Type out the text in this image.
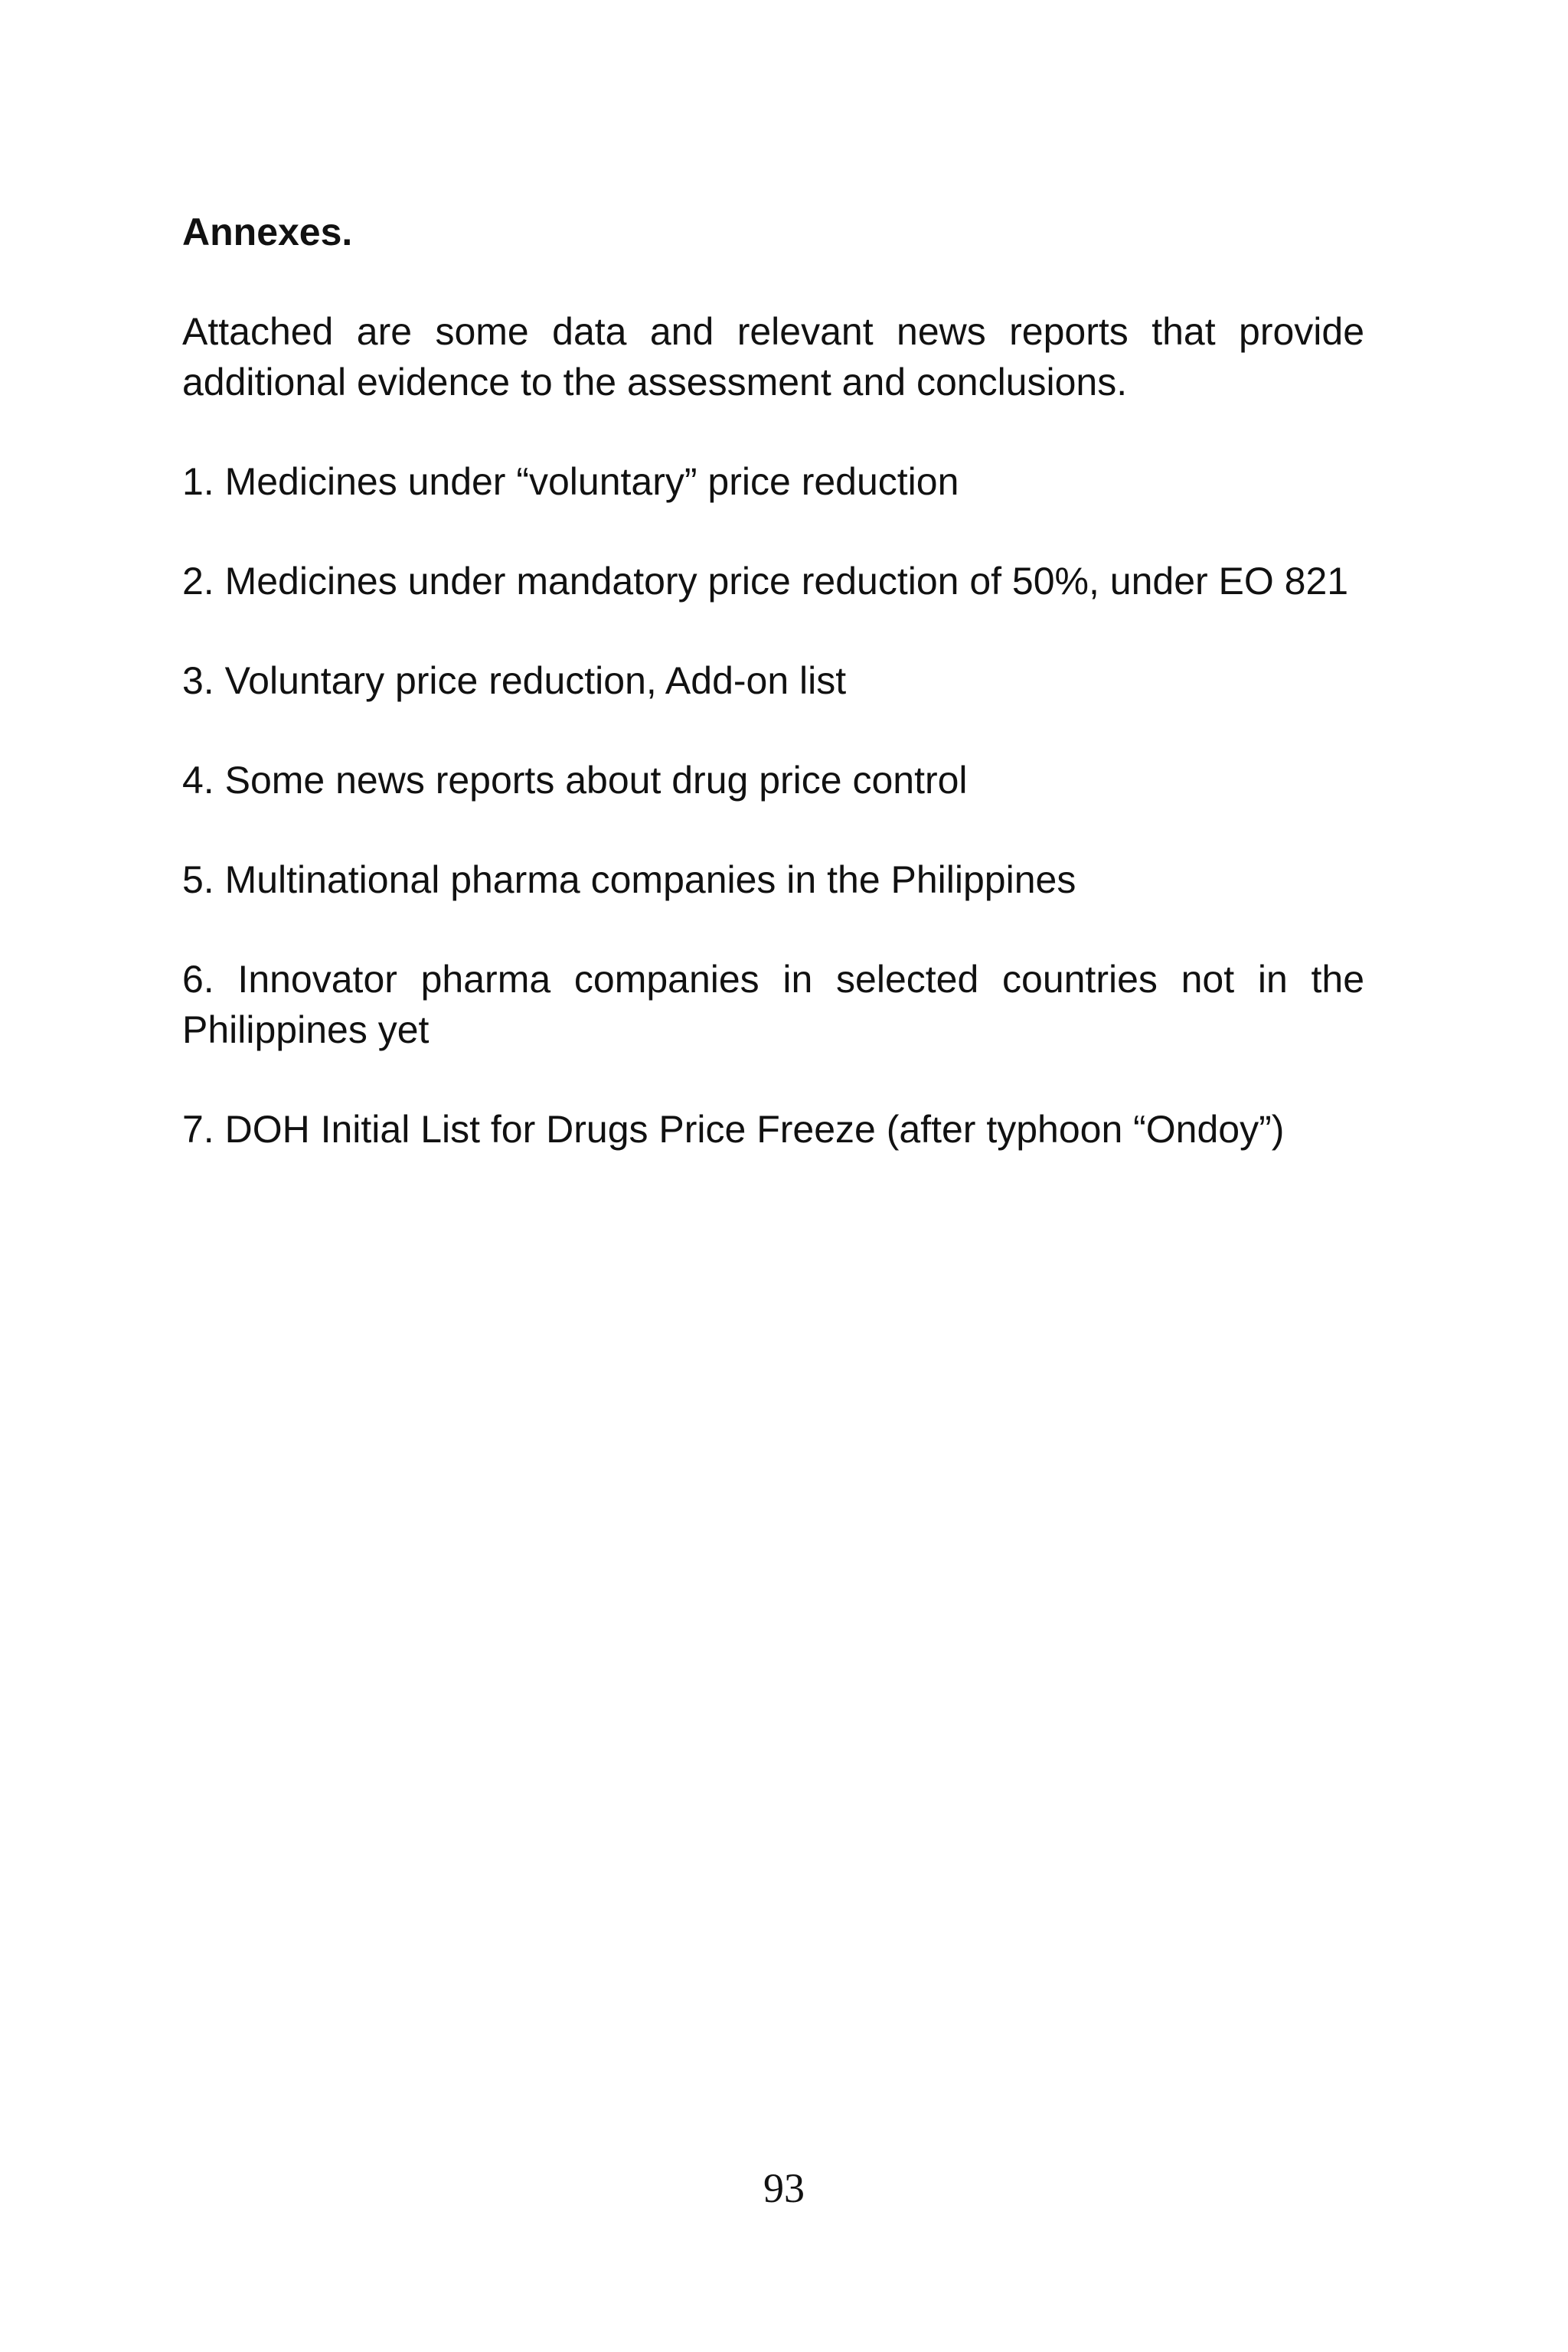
Annexes.

Attached are some data and relevant news reports that provide additional evidence to the assessment and conclusions.

1. Medicines under “voluntary” price reduction
2. Medicines under mandatory price reduction of 50%, under EO 821
3. Voluntary price reduction, Add-on list
4. Some news reports about drug price control
5. Multinational pharma companies in the Philippines
6. Innovator pharma companies in selected countries not in the Philippines yet
7. DOH Initial List for Drugs Price Freeze (after typhoon “Ondoy”)
93
